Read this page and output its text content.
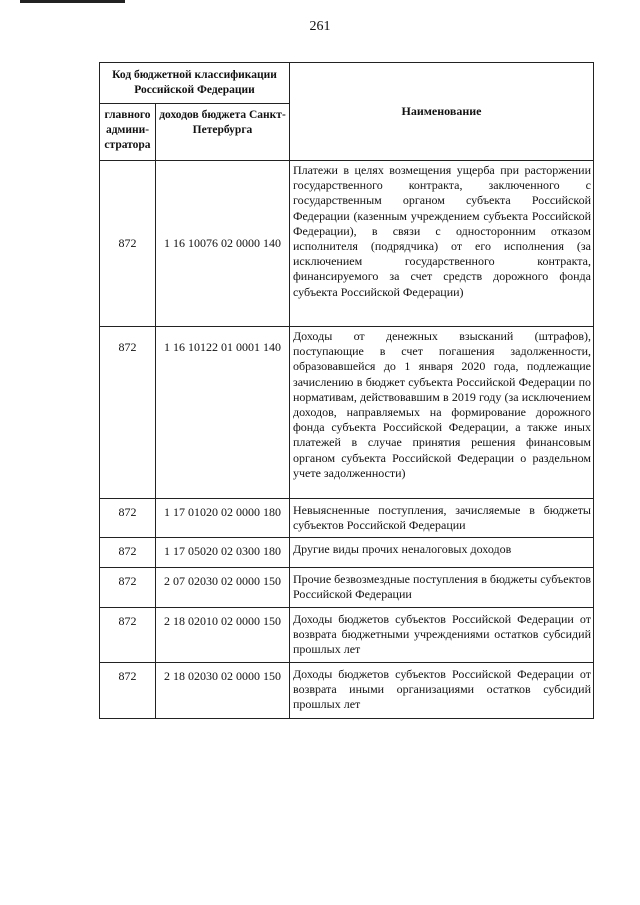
261
Код бюджетной классификации Российской Федерации		Наименование
главного админи-стратора	доходов бюджета Санкт-Петербурга	
872	1 16 10076 02 0000 140	Платежи в целях возмещения ущерба при расторжении государственного контракта, заключенного с государственным органом субъекта Российской Федерации (казенным учреждением субъекта Российской Федерации), в связи с односторонним отказом исполнителя (подрядчика) от его исполнения (за исключением государственного контракта, финансируемого за счет средств дорожного фонда субъекта Российской Федерации)
872	1 16 10122 01 0001 140	Доходы от денежных взысканий (штрафов), поступающие в счет погашения задолженности, образовавшейся до 1 января 2020 года, подлежащие зачислению в бюджет субъекта Российской Федерации по нормативам, действовавшим в 2019 году (за исключением доходов, направляемых на формирование дорожного фонда субъекта Российской Федерации, а также иных платежей в случае принятия решения финансовым органом субъекта Российской Федерации о раздельном учете задолженности)
872	1 17 01020 02 0000 180	Невыясненные поступления, зачисляемые в бюджеты субъектов Российской Федерации
872	1 17 05020 02 0300 180	Другие виды прочих неналоговых доходов
872	2 07 02030 02 0000 150	Прочие безвозмездные поступления в бюджеты субъектов Российской Федерации
872	2 18 02010 02 0000 150	Доходы бюджетов субъектов Российской Федерации от возврата бюджетными учреждениями остатков субсидий прошлых лет
872	2 18 02030 02 0000 150	Доходы бюджетов субъектов Российской Федерации от возврата иными организациями остатков субсидий прошлых лет
